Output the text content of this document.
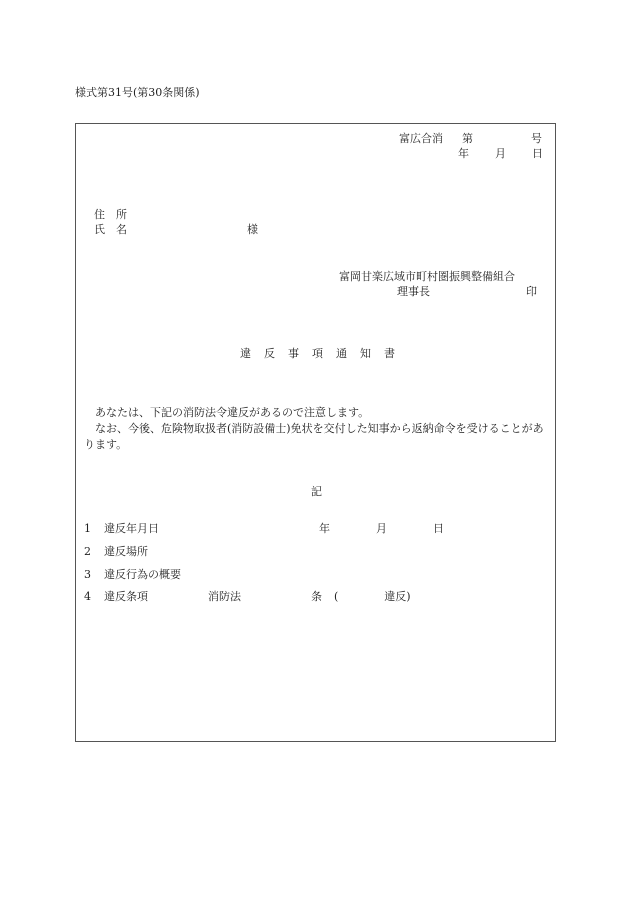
様式第31号(第30条関係)
富広合消 第	号
年 月 日
住　所
氏　名	様
富岡甘楽広域市町村圏振興整備組合
理事長	印
違 反 事 項 通 知 書
あなたは、下記の消防法令違反があるので注意します。
なお、今後、危険物取扱者(消防設備士)免状を交付した知事から返納命令を受けることがあります。
記
1 違反年月日	年	月	日
2 違反場所
3 違反行為の概要
4 違反条項	消防法	条 (	違反)
